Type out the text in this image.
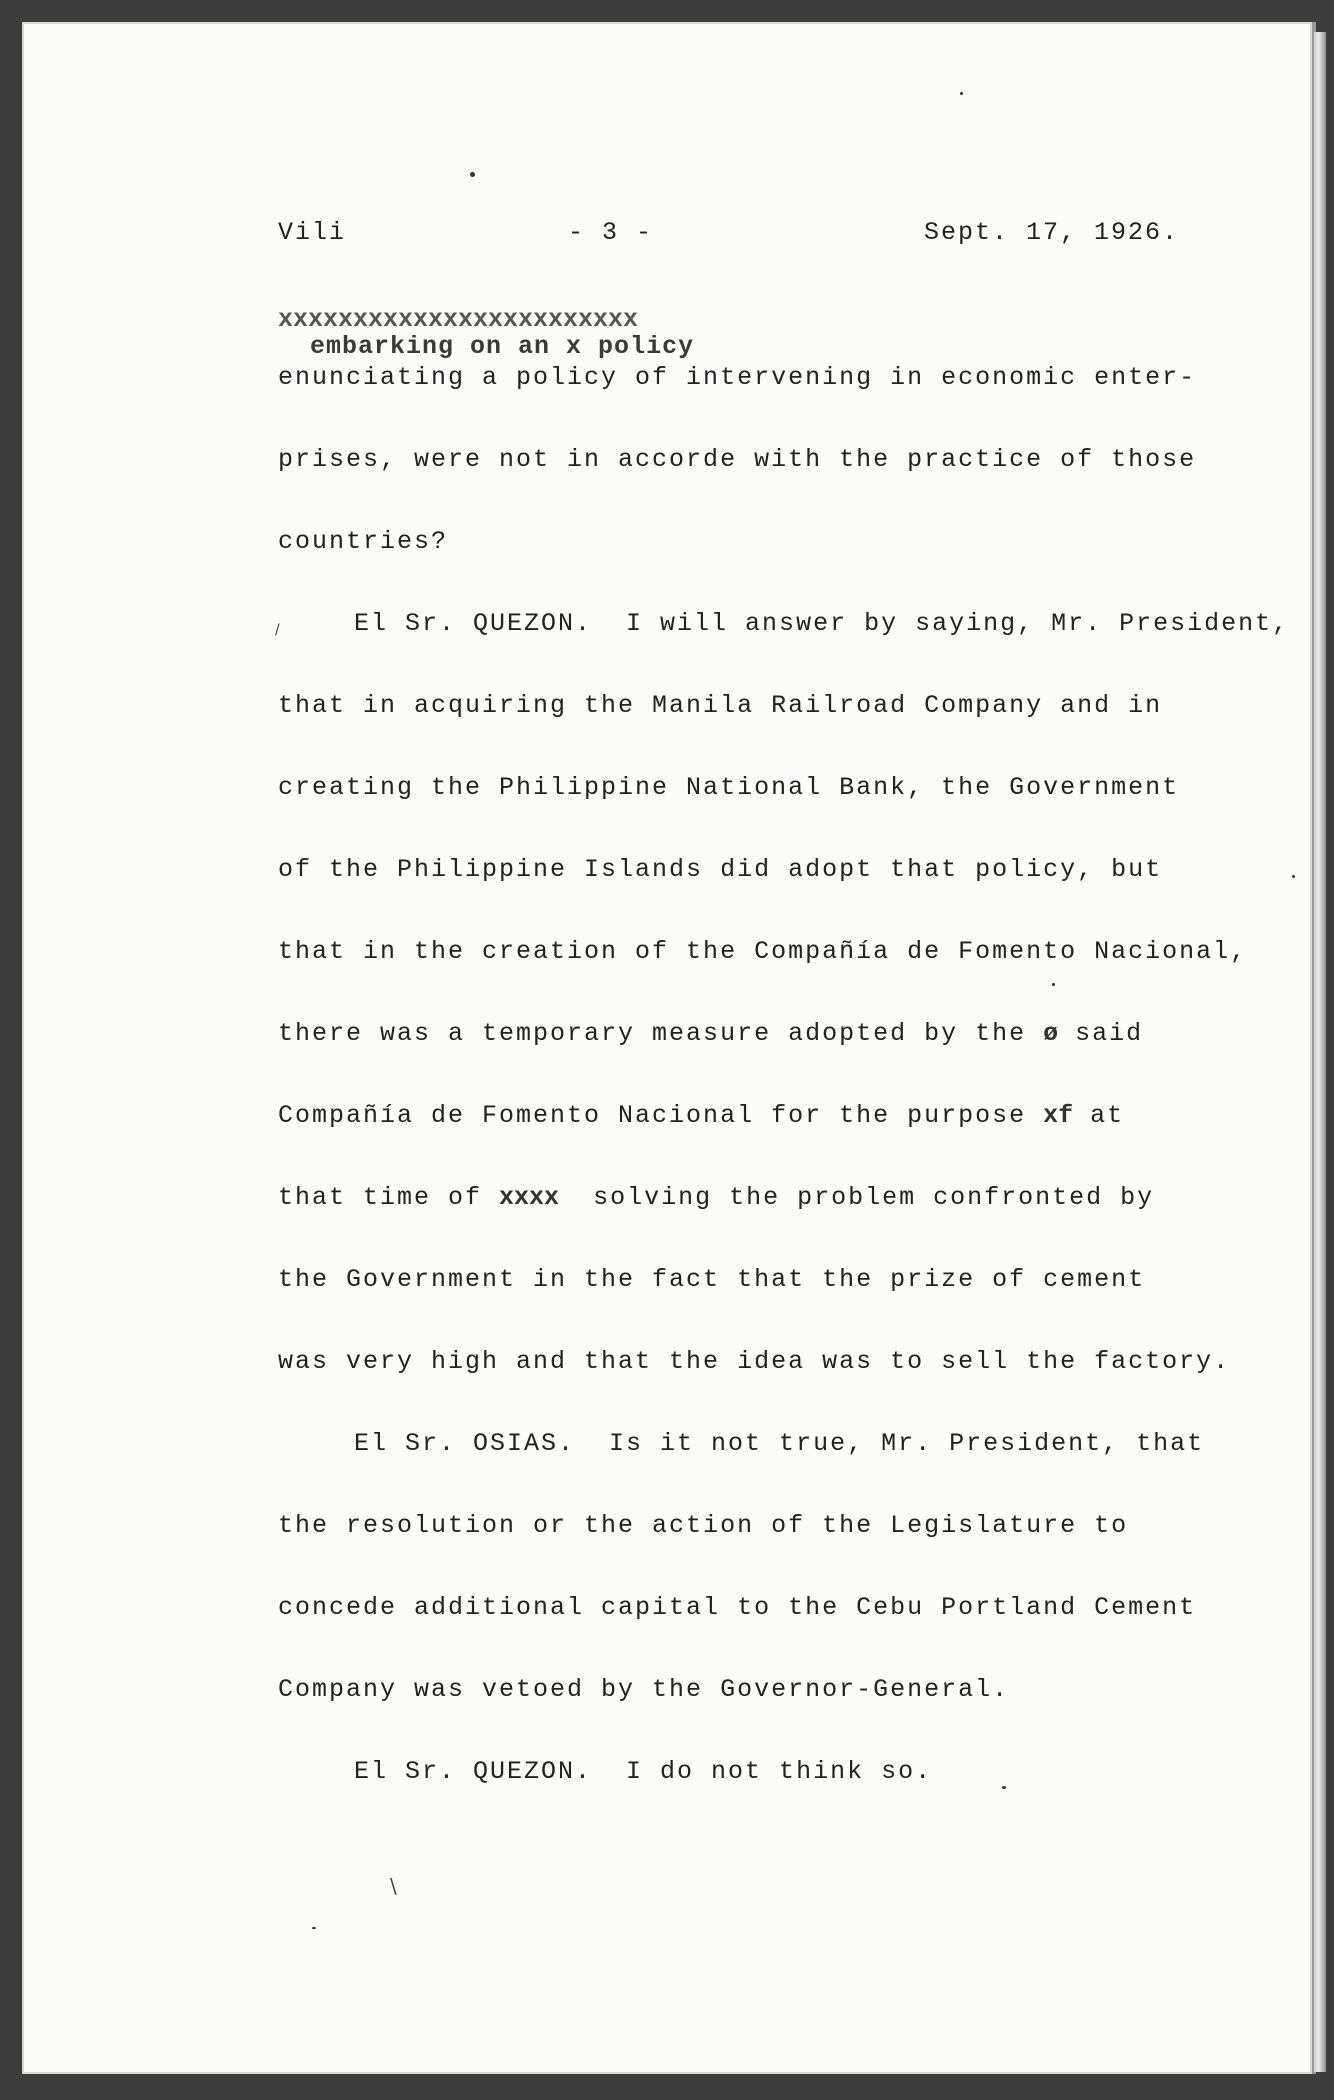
Vili	- 3 -	Sept. 17, 1926.

embarking on an x policy

xxxxxxxxxxxxxxxxxxxxxxxx

enunciating a policy of intervening in economic enter-
prises, were not in accorde with the practice of those
countries?
El Sr. QUEZON.  I will answer by saying, Mr. President,
that in acquiring the Manila Railroad Company and in
creating the Philippine National Bank, the Government
of the Philippine Islands did adopt that policy, but
that in the creation of the Compañía de Fomento Nacional,
there was a temporary measure adopted by the ø said
Compañía de Fomento Nacional for the purpose xf at
that time of xxxx  solving the problem confronted by
the Government in the fact that the prize of cement
was very high and that the idea was to sell the factory.
El Sr. OSIAS.  Is it not true, Mr. President, that
the resolution or the action of the Legislature to
concede additional capital to the Cebu Portland Cement
Company was vetoed by the Governor-General.
El Sr. QUEZON.  I do not think so.
\
/
